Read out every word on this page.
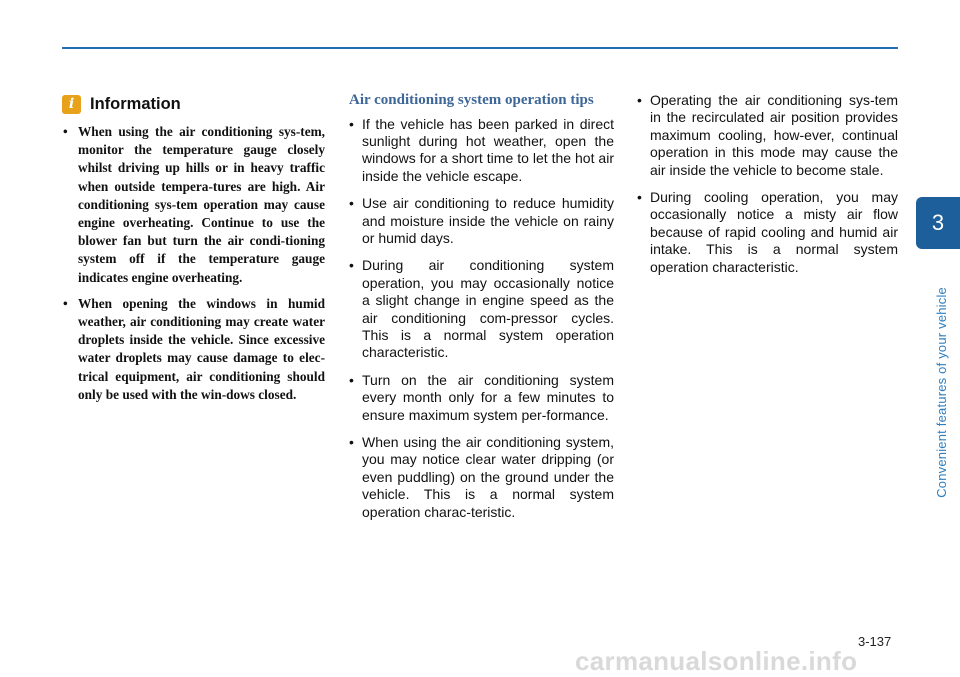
3
Convenient features of your vehicle
i Information
• When using the air conditioning sys-tem, monitor the temperature gauge closely whilst driving up hills or in heavy traffic when outside tempera-tures are high. Air conditioning sys-tem operation may cause engine overheating. Continue to use the blower fan but turn the air condi-tioning system off if the temperature gauge indicates engine overheating.
• When opening the windows in humid weather, air conditioning may create water droplets inside the vehicle. Since excessive water droplets may cause damage to elec-trical equipment, air conditioning should only be used with the win-dows closed.
Air conditioning system operation tips
• If the vehicle has been parked in direct sunlight during hot weather, open the windows for a short time to let the hot air inside the vehicle escape.
• Use air conditioning to reduce humidity and moisture inside the vehicle on rainy or humid days.
• During air conditioning system operation, you may occasionally notice a slight change in engine speed as the air conditioning com-pressor cycles. This is a normal system operation characteristic.
• Turn on the air conditioning system every month only for a few minutes to ensure maximum system per-formance.
• When using the air conditioning system, you may notice clear water dripping (or even puddling) on the ground under the vehicle. This is a normal system operation charac-teristic.
• Operating the air conditioning sys-tem in the recirculated air position provides maximum cooling, how-ever, continual operation in this mode may cause the air inside the vehicle to become stale.
• During cooling operation, you may occasionally notice a misty air flow because of rapid cooling and humid air intake. This is a normal system operation characteristic.
3-137
carmanualsonline.info
